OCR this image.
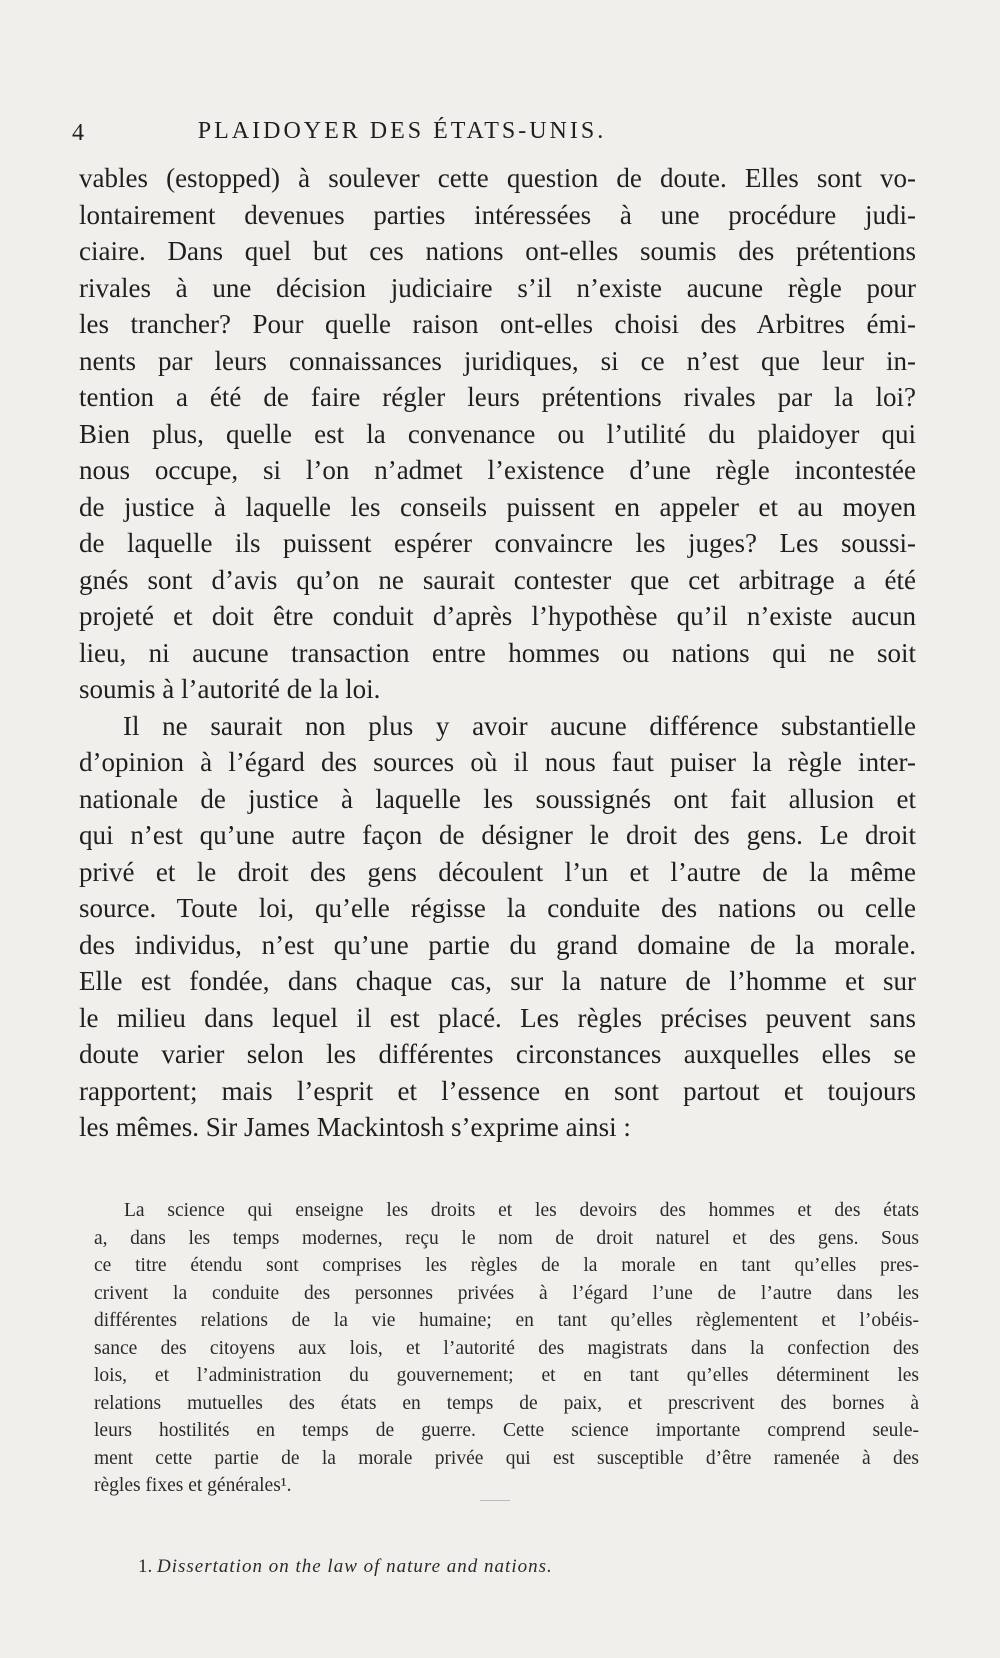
4	PLAIDOYER DES ÉTATS-UNIS.

vables (estopped) à soulever cette question de doute. Elles sont vo-
lontairement devenues parties intéressées à une procédure judi-
ciaire. Dans quel but ces nations ont-elles soumis des prétentions
rivales à une décision judiciaire s’il n’existe aucune règle pour
les trancher? Pour quelle raison ont-elles choisi des Arbitres émi-
nents par leurs connaissances juridiques, si ce n’est que leur in-
tention a été de faire régler leurs prétentions rivales par la loi?
Bien plus, quelle est la convenance ou l’utilité du plaidoyer qui
nous occupe, si l’on n’admet l’existence d’une règle incontestée
de justice à laquelle les conseils puissent en appeler et au moyen
de laquelle ils puissent espérer convaincre les juges? Les soussi-
gnés sont d’avis qu’on ne saurait contester que cet arbitrage a été
projeté et doit être conduit d’après l’hypothèse qu’il n’existe aucun
lieu, ni aucune transaction entre hommes ou nations qui ne soit
soumis à l’autorité de la loi.

Il ne saurait non plus y avoir aucune différence substantielle
d’opinion à l’égard des sources où il nous faut puiser la règle inter-
nationale de justice à laquelle les soussignés ont fait allusion et
qui n’est qu’une autre façon de désigner le droit des gens. Le droit
privé et le droit des gens découlent l’un et l’autre de la même
source. Toute loi, qu’elle régisse la conduite des nations ou celle
des individus, n’est qu’une partie du grand domaine de la morale.
Elle est fondée, dans chaque cas, sur la nature de l’homme et sur
le milieu dans lequel il est placé. Les règles précises peuvent sans
doute varier selon les différentes circonstances auxquelles elles se
rapportent; mais l’esprit et l’essence en sont partout et toujours
les mêmes. Sir James Mackintosh s’exprime ainsi :

La science qui enseigne les droits et les devoirs des hommes et des états
a, dans les temps modernes, reçu le nom de droit naturel et des gens. Sous
ce titre étendu sont comprises les règles de la morale en tant qu’elles pres-
crivent la conduite des personnes privées à l’égard l’une de l’autre dans les
différentes relations de la vie humaine; en tant qu’elles règlementent et l’obéis-
sance des citoyens aux lois, et l’autorité des magistrats dans la confection des
lois, et l’administration du gouvernement; et en tant qu’elles déterminent les
relations mutuelles des états en temps de paix, et prescrivent des bornes à
leurs hostilités en temps de guerre. Cette science importante comprend seule-
ment cette partie de la morale privée qui est susceptible d’être ramenée à des
règles fixes et générales¹.
1. Dissertation on the law of nature and nations.
